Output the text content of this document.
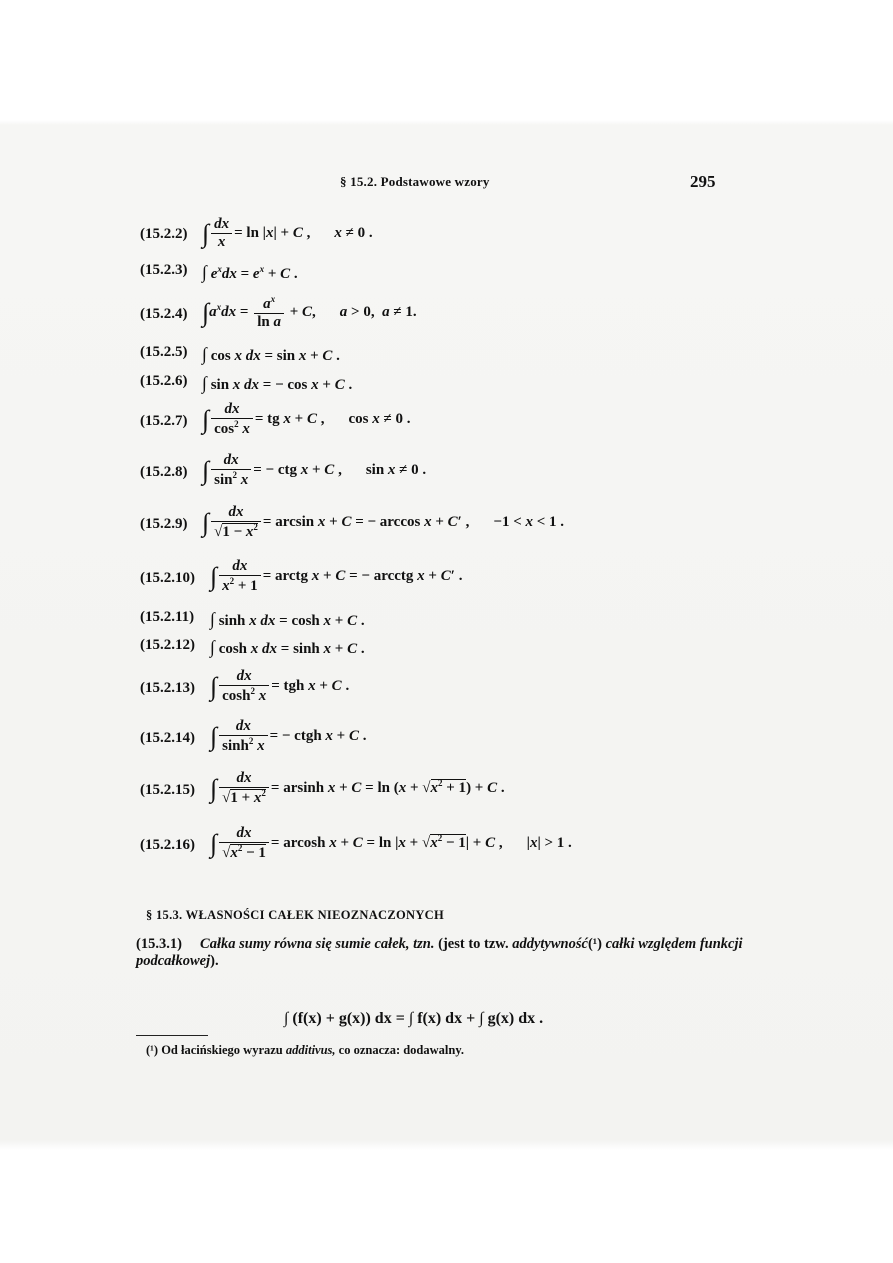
§ 15.2. Podstawowe wzory	295
(15.2.2) ∫ $\frac{dx}{x} = \ln |x| + C$ , x ≠ 0 .
(15.2.3) ∫ $e^xdx = e^x + C$ .
(15.2.4) $\int a^xdx = \frac{a^x}{\text{ln a}} + C$, a > 0,  a ≠ 1.
(15.2.5) ∫ cos x dx = sin x + C .
(15.2.6) ∫ sin x dx = − cos x + C .
(15.2.7) ∫ $\frac{dx}{\cos^2 x}$ = tg x + C , cos x ≠ 0 .
(15.2.8) ∫ $\frac{dx}{\sin^2 x}$ = − ctg x + C , sin x ≠ 0 .
(15.2.9) ∫ $\frac{dx}{√1 - x^2} = \arcsin x + C$ = − arccos x + C′ , −1 < x < 1 .
(15.2.10) ∫ $\frac{dx}{x^2 + 1}$ = arctg x + C = − arcctg x + C′ .
(15.2.11) ∫ sinh x dx = cosh x + C .
(15.2.12) ∫ cosh x dx = sinh x + C .
(15.2.13) ∫ $\frac{dx}{\cosh^2 x}$ = tgh x + C .
(15.2.14) ∫ $\frac{dx}{\sinh^2 x}$ = − ctgh x + C .
(15.2.15) ∫ $\frac{dx}{√1 + x^2} = arsinh$ $x + C = \ln (x + √x^2 + 1) + C$ .
(15.2.16) ∫ $\frac{dx}{√x^2 - 1} = arcosh$ $x + C = \ln |x + √x^2 - 1| + C$ , |x| > 1 .
§ 15.3. WŁASNOŚCI CAŁEK NIEOZNACZONYCH
(15.3.1) Całka sumy równa się sumie całek, tzn. (jest to tzw. addytywność(¹) całki względem funkcji podcałkowej).
∫ (f(x) + g(x)) dx = ∫ f(x) dx + ∫ g(x) dx .
(¹) Od łacińskiego wyrazu additivus, co oznacza: dodawalny.
